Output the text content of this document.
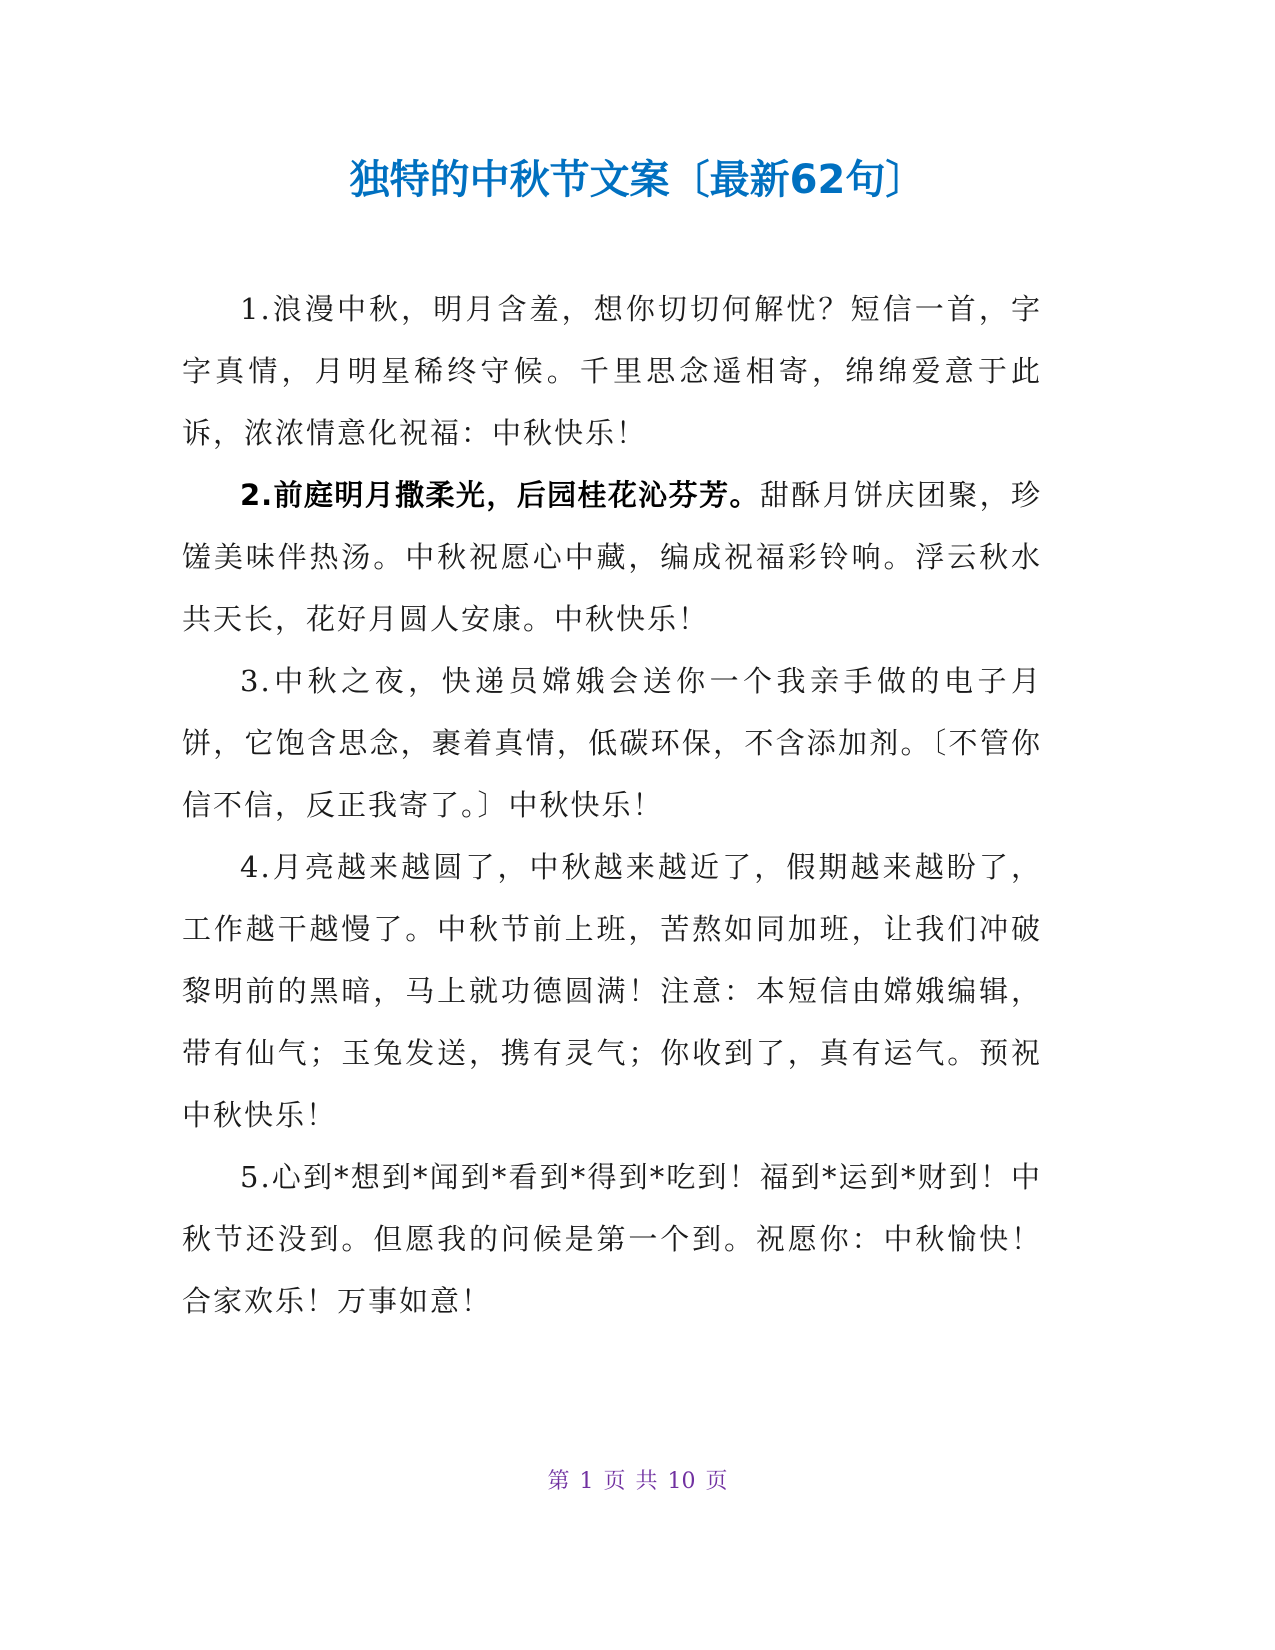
独特的中秋节文案〔最新62句〕

1.浪漫中秋，明月含羞，想你切切何解忧？短信一首，字字真情，月明星稀终守候。千里思念遥相寄，绵绵爱意于此诉，浓浓情意化祝福：中秋快乐！

2.前庭明月撒柔光，后园桂花沁芬芳。甜酥月饼庆团聚，珍馐美味伴热汤。中秋祝愿心中藏，编成祝福彩铃响。浮云秋水共天长，花好月圆人安康。中秋快乐！

3.中秋之夜，快递员嫦娥会送你一个我亲手做的电子月饼，它饱含思念，裹着真情，低碳环保，不含添加剂。〔不管你信不信，反正我寄了。〕中秋快乐！

4.月亮越来越圆了，中秋越来越近了，假期越来越盼了，工作越干越慢了。中秋节前上班，苦熬如同加班，让我们冲破黎明前的黑暗，马上就功德圆满！注意：本短信由嫦娥编辑，带有仙气；玉兔发送，携有灵气；你收到了，真有运气。预祝中秋快乐！

5.心到*想到*闻到*看到*得到*吃到！福到*运到*财到！中秋节还没到。但愿我的问候是第一个到。祝愿你：中秋愉快！合家欢乐！万事如意！

第 1 页 共 10 页
